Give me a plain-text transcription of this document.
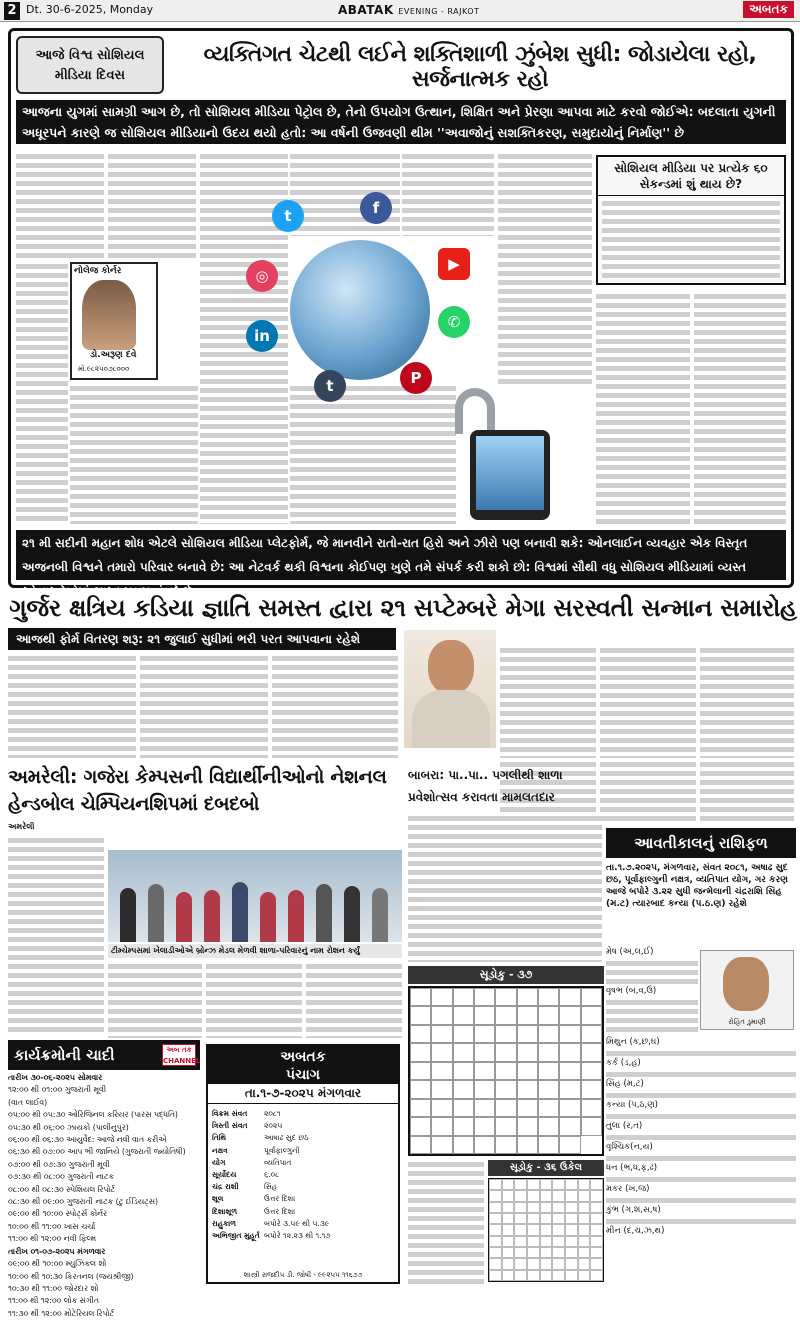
2 Dt. 30-6-2025, Monday	ABATAK EVENING - RAJKOT	અબતક
આજે વિશ્વ સોશિયલ મીડિયા દિવસ
વ્યક્તિગત ચેટથી લઈને શક્તિશાળી ઝુંબેશ સુધી: જોડાયેલા રહો, સર્જનાત્મક રહો
આજના યુગમાં સામગ્રી આગ છે, તો સોશિયલ મીડિયા પેટ્રોલ છે, તેનો ઉપયોગ ઉત્થાન, શિક્ષિત અને પ્રેરણા આપવા માટે કરવો જોઈએ: બદલાતા યુગની અધૂરપને કારણે જ સોશિયલ મીડિયાનો ઉદય થયો હતો: આ વર્ષની ઉજવણી થીમ ''અવાજોનું સશક્તિકરણ, સમુદાયોનું નિર્માણ'' છે
નોલેજ કોર્નર
ડો.અરૂણ દવે
મો.૯૮૨૫૦૭૮૦૦૦
t	f
◎
▶
✆
in
t	P
સોશિયલ મીડિયા પર પ્રત્યેક ૬૦ સેકન્ડમાં શું થાય છે?
૨૧ મી સદીની મહાન શોધ એટલે સોશિયલ મીડિયા પ્લેટફોર્મ, જે માનવીને રાતો-રાત હિરો અને ઝીરો પણ બનાવી શકે: ઓનલાઈન વ્યવહાર એક વિસ્તૃત અજનબી વિશ્વને તમારો પરિવાર બનાવે છે: આ નેટવર્ક થકી વિશ્વના કોઈપણ ખુણે તમે સંપર્ક કરી શકો છો: વિશ્વમાં સૌથી વધુ સોશિયલ મીડિયામાં વ્યસ્ત રહેનાર દેશોમાં ભારત પ્રથમ નંબરે છે
ગુર્જર ક્ષત્રિય કડિયા જ્ઞાતિ સમસ્ત દ્વારા ૨૧ સપ્ટેમ્બરે મેગા સરસ્વતી સન્માન સમારોહ
આજથી ફોર્મ વિતરણ શરૂ: ૨૧ જુલાઈ સુધીમાં ભરી પરત આપવાના રહેશે
અમરેલી: ગજેરા કેમ્પસની વિદ્યાર્થીનીઓનો નેશનલ હેન્ડબોલ ચેમ્પિયનશિપમાં દબદબો
અમરેલી
ટીમ્ચેમ્પસમાં ખેલાડીઓએ બ્રોન્ઝ મેડલ મેળવી શાળા-પરિવારનું નામ રોશન કર્યું
બાબરા: પા..પા.. પગલીથી શાળા પ્રવેશોત્સવ કરાવતા મામલતદાર
આવતીકાલનું રાશિફળ
તા.૧.૭.૨૦૨૫, મંગળવાર, સંવત ૨૦૮૧, અષાઢ સુદ છઠ, પૂર્વાફાલ્ગુની નક્ષત્ર, વ્યતિપાત યોગ, ગર કરણ આજે બપોરે ૩.૨૨ સુધી જન્મેલાની ચંદ્રરાશિ સિંહ (મ.ટ) ત્યારબાદ કન્યા (પ.ઠ.ણ) રહેશે
રોહિત ડુમાણી
મેષ (અ,લ,ઈ)
વૃષભ (બ,વ,ઉ)
મિથુન (ક,છ,ઘ)
કર્ક (ડ,હ)
સિંહ (મ,ટ)
કન્યા (પ,ઠ,ણ)
તુલા (ર,ત)
વૃશ્ચિક(ન,ય)
ધન (ભ,ધ,ફ,ઢ)
મકર (ખ,જ)
કુંભ (ગ,શ,સ,ષ)
મીન (દ,ચ,ઝ,થ)
સૂડોકુ - ૩૭
સૂડોકુ - ૩૬ ઉકેલ
અબતક
પંચાગ
તા.૧-૭-૨૦૨૫ મંગળવાર
વિક્રમ સંવત	૨૦૮૧
ત્રિસ્તી સંવત	૨૦૨૫
તિથિ	આષાઢ સુદ છઠ
નક્ષત્ર	પૂર્વાફાલ્ગુની
યોગ	વ્યતિપાત
સૂર્યોદય	૬.૦૮
ચંદ્ર રાશી	સિંહ
શૂલ	ઉત્તર દિશા
દિશાશૂળ	ઉત્તર દિશા
રાહુકાળ	બપોરે ૩.૫૯ થી ૫.૩૯
અભિજીત મુહૂર્ત બપોરે ૧૨.૨૩ થી ૧.૧૭
શાસ્ત્રી રાજદીપ ડી. જોષી - ૯૯૨૫૫ ૧૧૬૭૭
કાર્યક્રમોની ચાદી	અબ તક CHANNEL
તારીખ ૩૦-૦૬-૨૦૨૫ સોમવાર
૧૨:૦૦ થી ૦૧:૦૦ ગુજરાતી મૂવી
(વાત લાઈવ)
૦૫:૦૦ થી ૦૫:૩૦ ઓરિજિનલ કરિયર (પારસ પદ્ધતિ)
૦૫:૩૦ થી ૦૬:૦૦ ઝાયકો (પાલીનુપુર)
૦૬:૦૦ થી ૦૬:૩૦ આયુર્વેદ: આજે નવી વાત કરીએ
૦૬:૩૦ થી ૦૭:૦૦ આપ ભી જાનિયે (ગુજરાતી જ્યોતિષી)
૦૭:૦૦ થી ૦૭:૩૦ ગુજરાતી મૂવી
૦૭:૩૦ થી ૦૮:૦૦ ગુજરાતી નાટક
૦૮:૦૦ થી ૦૮:૩૦ સ્પેશિયલ રિપોર્ટ
૦૮:૩૦ થી ૦૯:૦૦ ગુજરાતી નાટક (ટુ ઈડિયટ્સ)
૦૯:૦૦ થી ૧૦:૦૦ સ્પોર્ટ્સ કોર્નર
૧૦:૦૦ થી ૧૧:૦૦ ખાસ ચર્ચા
૧૧:૦૦ થી ૧૨:૦૦ નવી ફિલ્મ
તારીખ ૦૧-૦૭-૨૦૨૫ મંગળવાર
૦૯:૦૦ થી ૧૦:૦૦ મ્યુઝિકલ શો
૧૦:૦૦ થી ૧૦:૩૦ કિરતનલ (જયશ્રીજી)
૧૦:૩૦ થી ૧૧:૦૦ જોરદાર શો
૧૧:૦૦ થી ૧૨:૦૦ લોક સંગીત
૧૧:૩૦ થી ૧૨:૦૦ મોટેરિયલ રિપોર્ટ
